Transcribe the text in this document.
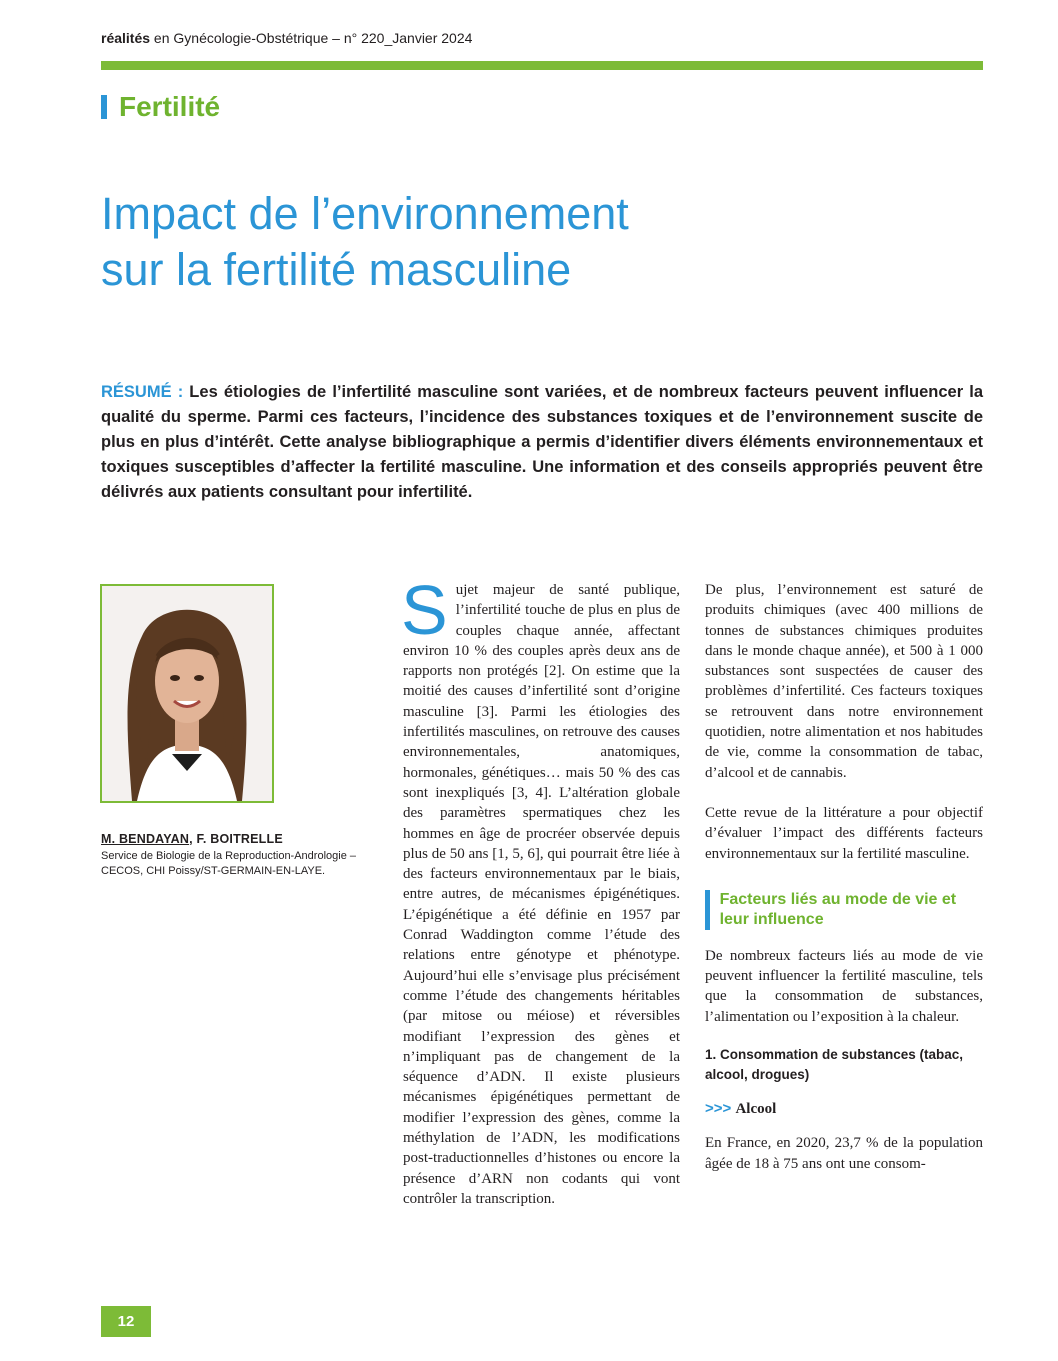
réalités en Gynécologie-Obstétrique – n° 220_Janvier 2024
Fertilité
Impact de l’environnement
sur la fertilité masculine
RÉSUMÉ : Les étiologies de l’infertilité masculine sont variées, et de nombreux facteurs peuvent influencer la qualité du sperme. Parmi ces facteurs, l’incidence des substances toxiques et de l’environnement suscite de plus en plus d’intérêt. Cette analyse bibliographique a permis d’identifier divers éléments environnementaux et toxiques susceptibles d’affecter la fertilité masculine. Une information et des conseils appropriés peuvent être délivrés aux patients consultant pour infertilité.
M. BENDAYAN, F. BOITRELLE
Service de Biologie de la Reproduction-Andrologie – CECOS, CHI Poissy/ST-GERMAIN-EN-LAYE.

Sujet majeur de santé publique, l’infertilité touche de plus en plus de couples chaque année, affectant environ 10 % des couples après deux ans de rapports non protégés [2]. On estime que la moitié des causes d’infertilité sont d’origine masculine [3]. Parmi les étiologies des infertilités masculines, on retrouve des causes environnementales, anatomiques, hormonales, génétiques… mais 50 % des cas sont inexpliqués [3, 4]. L’altération globale des paramètres spermatiques chez les hommes en âge de procréer observée depuis plus de 50 ans [1, 5, 6], qui pourrait être liée à des facteurs environnementaux par le biais, entre autres, de mécanismes épigénétiques. L’épigénétique a été définie en 1957 par Conrad Waddington comme l’étude des relations entre génotype et phénotype. Aujourd’hui elle s’envisage plus précisément comme l’étude des changements héritables (par mitose ou méiose) et réversibles modifiant l’expression des gènes et n’impliquant pas de changement de la séquence d’ADN. Il existe plusieurs mécanismes épigénétiques permettant de modifier l’expression des gènes, comme la méthylation de l’ADN, les modifications post-traductionnelles d’histones ou encore la présence d’ARN non codants qui vont contrôler la transcription.

De plus, l’environnement est saturé de produits chimiques (avec 400 millions de tonnes de substances chimiques produites dans le monde chaque année), et 500 à 1 000 substances sont suspectées de causer des problèmes d’infertilité. Ces facteurs toxiques se retrouvent dans notre environnement quotidien, notre alimentation et nos habitudes de vie, comme la consommation de tabac, d’alcool et de cannabis.

Cette revue de la littérature a pour objectif d’évaluer l’impact des différents facteurs environnementaux sur la fertilité masculine.

Facteurs liés au mode de vie et leur influence

De nombreux facteurs liés au mode de vie peuvent influencer la fertilité masculine, tels que la consommation de substances, l’alimentation ou l’exposition à la chaleur.

1. Consommation de substances (tabac, alcool, drogues)
>>> Alcool

En France, en 2020, 23,7 % de la population âgée de 18 à 75 ans ont une consom-

12
